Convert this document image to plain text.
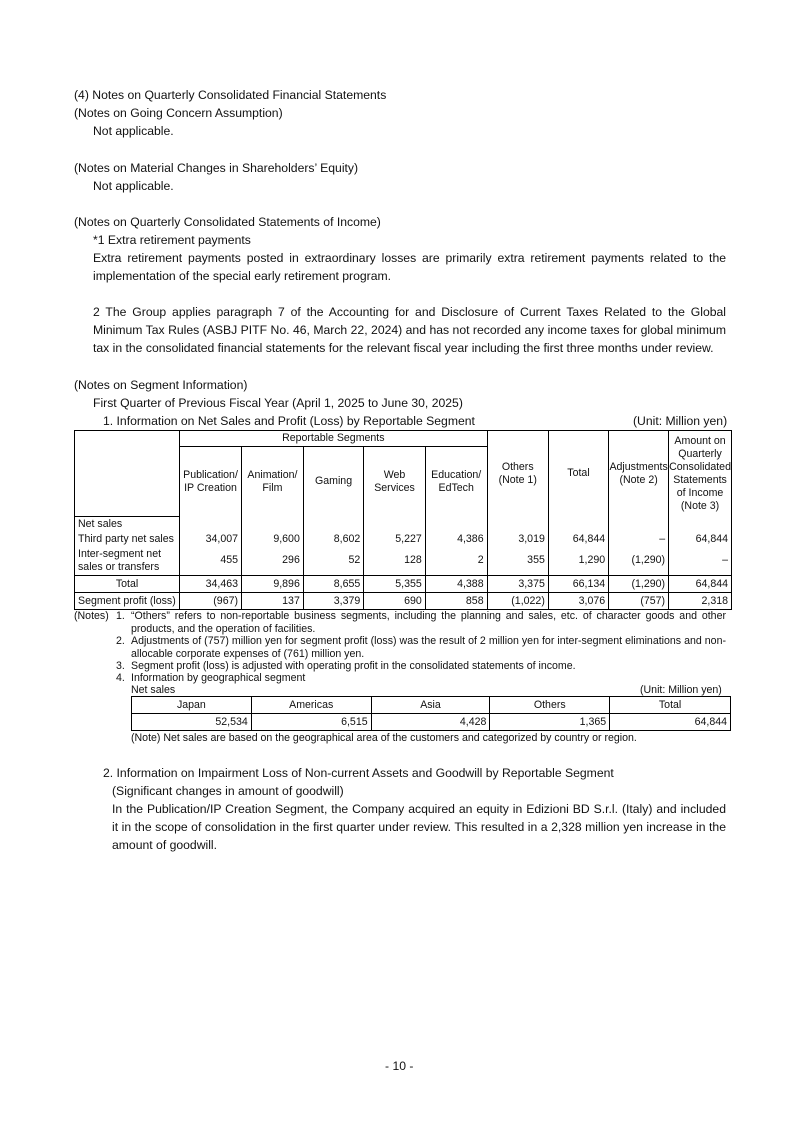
(4) Notes on Quarterly Consolidated Financial Statements
(Notes on Going Concern Assumption)
Not applicable.
(Notes on Material Changes in Shareholders’ Equity)
Not applicable.
(Notes on Quarterly Consolidated Statements of Income)
*1 Extra retirement payments
Extra retirement payments posted in extraordinary losses are primarily extra retirement payments related to the implementation of the special early retirement program.
2 The Group applies paragraph 7 of the Accounting for and Disclosure of Current Taxes Related to the Global Minimum Tax Rules (ASBJ PITF No. 46, March 22, 2024) and has not recorded any income taxes for global minimum tax in the consolidated financial statements for the relevant fiscal year including the first three months under review.
(Notes on Segment Information)
First Quarter of Previous Fiscal Year (April 1, 2025 to June 30, 2025)
1. Information on Net Sales and Profit (Loss) by Reportable Segment	(Unit: Million yen)
	Reportable Segments					Others (Note 1)	Total	Adjustments (Note 2)	Amount on Quarterly Consolidated Statements of Income (Note 3)
	Publication/ IP Creation	Animation/ Film	Gaming	Web Services	Education/ EdTech				
Net sales									
Third party net sales	34,007	9,600	8,602	5,227	4,386	3,019	64,844	–	64,844
Inter-segment net sales or transfers	455	296	52	128	2	355	1,290	(1,290)	–
Total	34,463	9,896	8,655	5,355	4,388	3,375	66,134	(1,290)	64,844
Segment profit (loss)	(967)	137	3,379	690	858	(1,022)	3,076	(757)	2,318
(Notes) 1. “Others” refers to non-reportable business segments, including the planning and sales, etc. of character goods and other products, and the operation of facilities.
2. Adjustments of (757) million yen for segment profit (loss) was the result of 2 million yen for inter-segment eliminations and non-allocable corporate expenses of (761) million yen.
3. Segment profit (loss) is adjusted with operating profit in the consolidated statements of income.
4. Information by geographical segment
Net sales	(Unit: Million yen)
Japan	Americas	Asia	Others	Total
52,534	6,515	4,428	1,365	64,844
(Note) Net sales are based on the geographical area of the customers and categorized by country or region.
2. Information on Impairment Loss of Non-current Assets and Goodwill by Reportable Segment
(Significant changes in amount of goodwill)
In the Publication/IP Creation Segment, the Company acquired an equity in Edizioni BD S.r.l. (Italy) and included it in the scope of consolidation in the first quarter under review. This resulted in a 2,328 million yen increase in the amount of goodwill.
- 10 -
